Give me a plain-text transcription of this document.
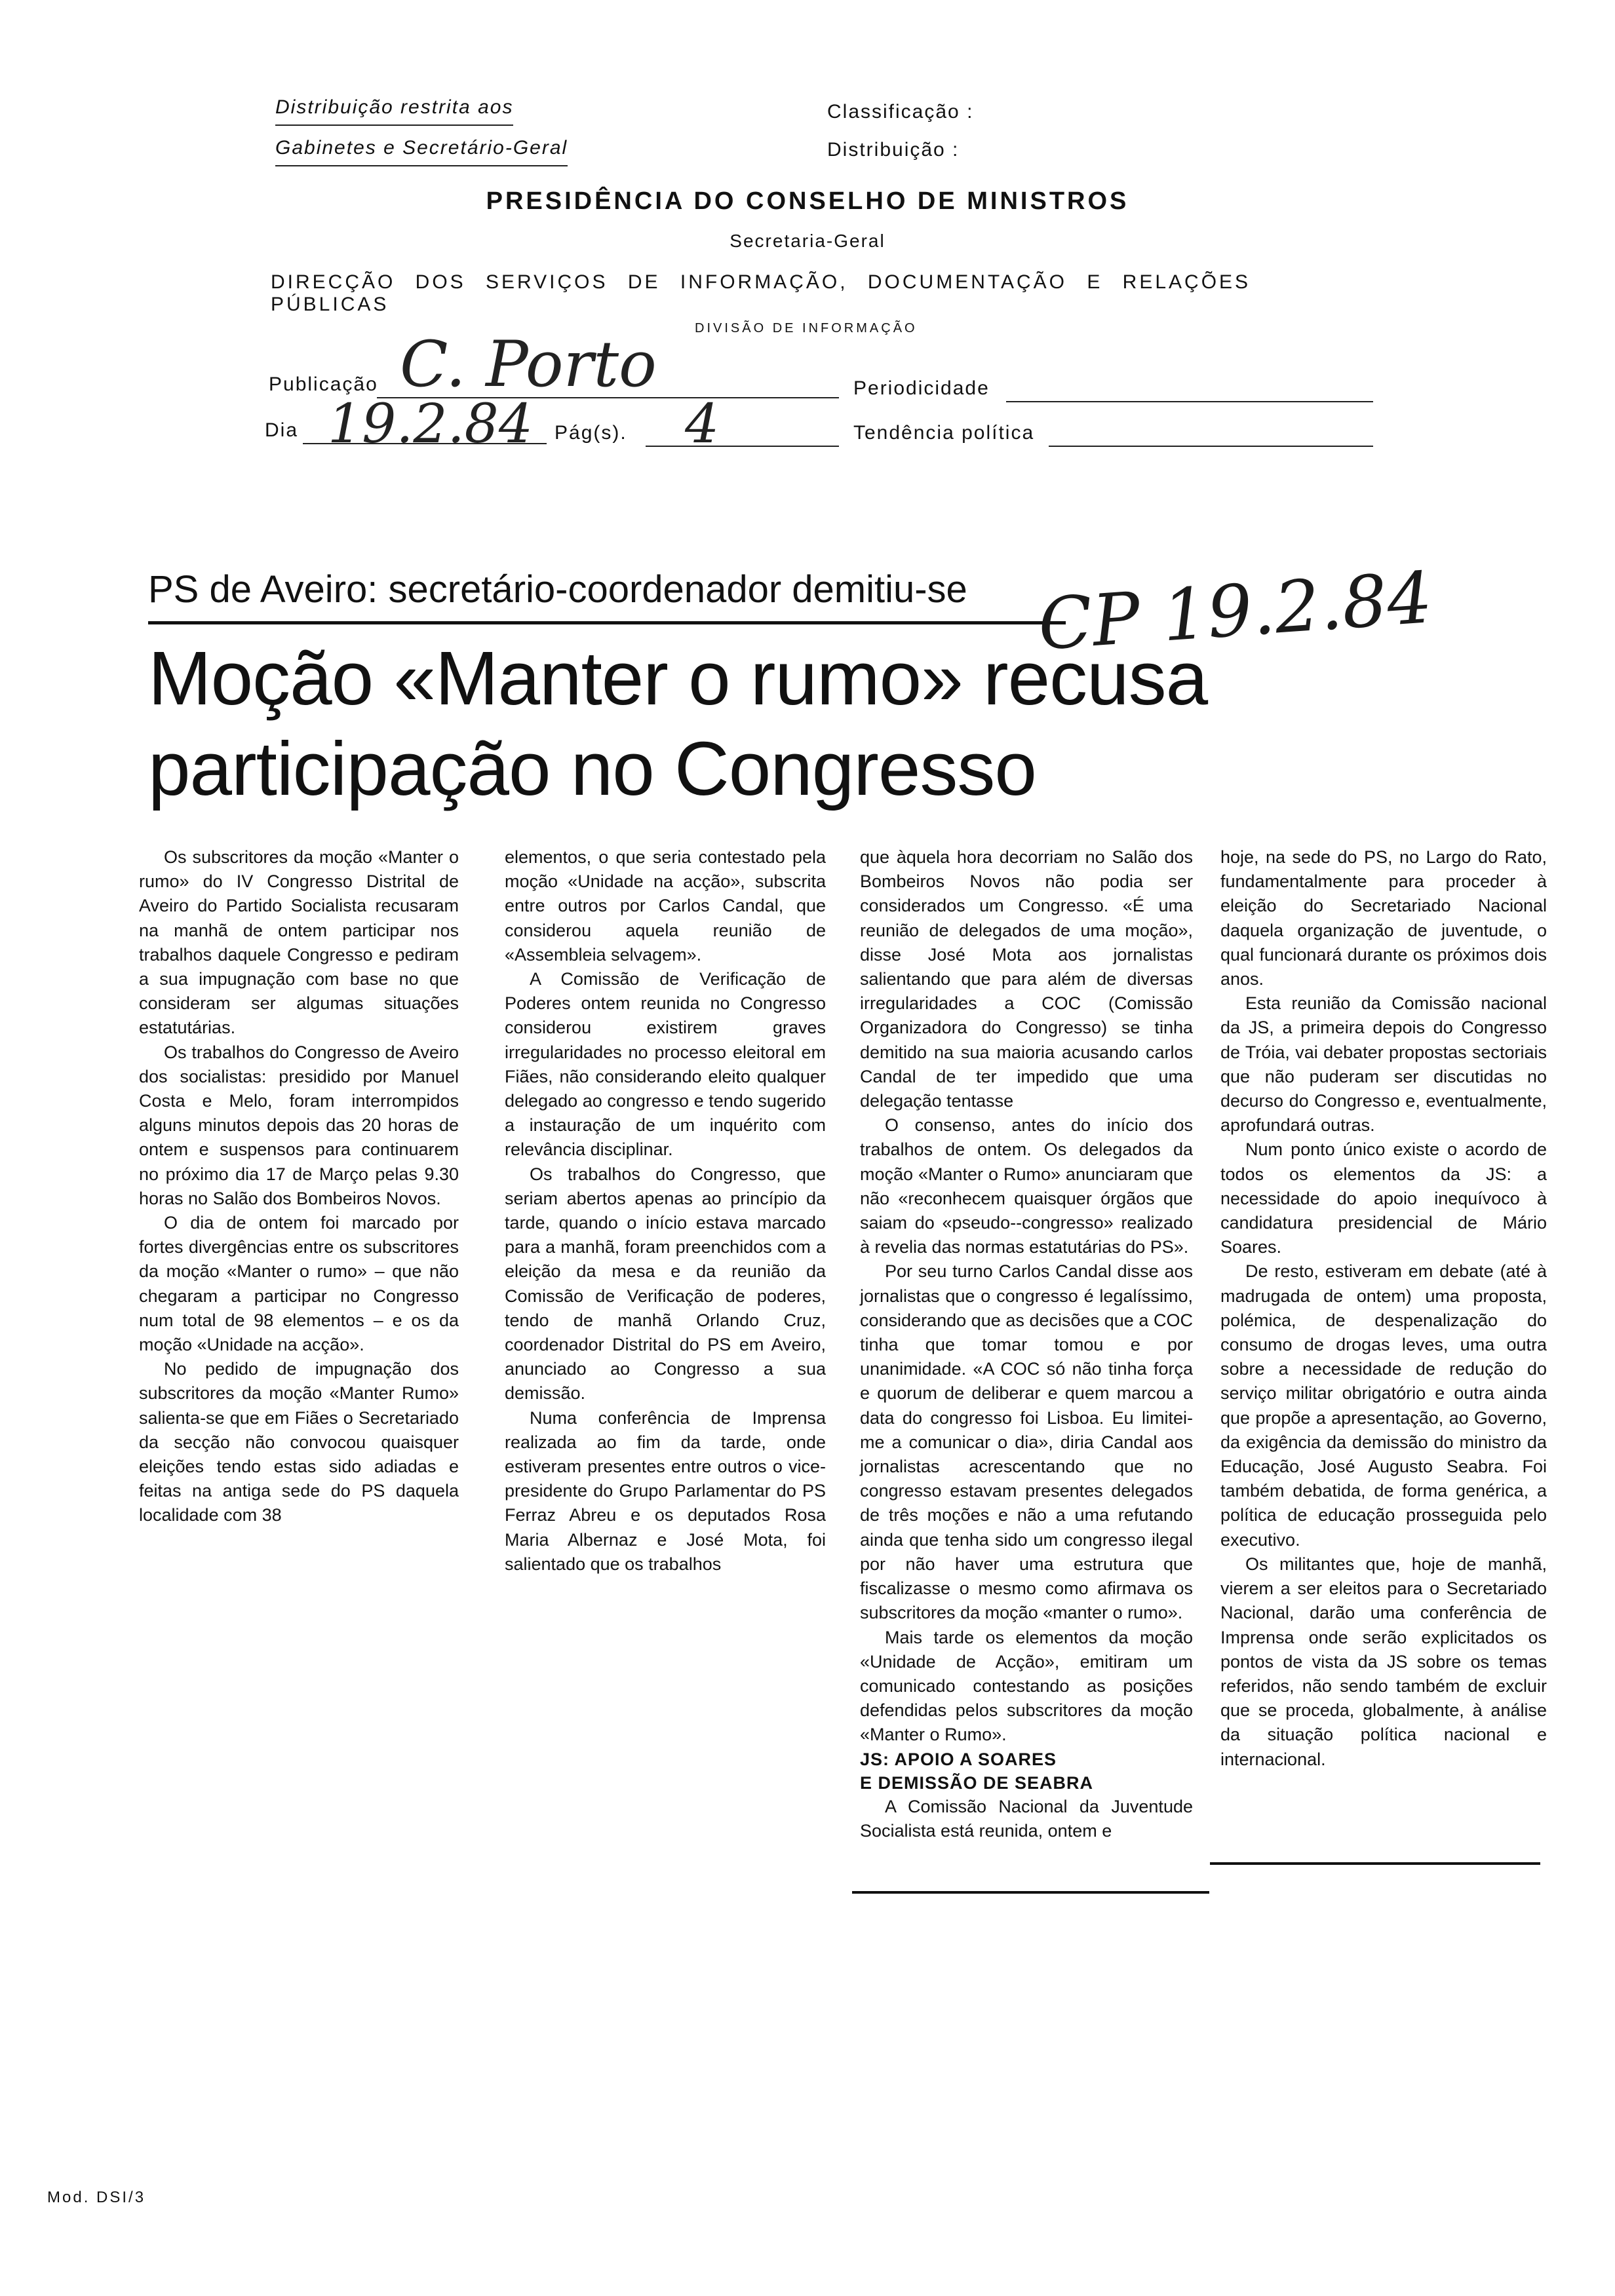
Distribuição restrita aos
Gabinetes e Secretário-Geral
Classificação :
Distribuição :
PRESIDÊNCIA DO CONSELHO DE MINISTROS
Secretaria-Geral
DIRECÇÃO DOS SERVIÇOS DE INFORMAÇÃO, DOCUMENTAÇÃO E RELAÇÕES PÚBLICAS
DIVISÃO DE INFORMAÇÃO
Publicação C. Porto	Periodicidade
Dia 19.2.84 Pág(s). 4	Tendência política
PS de Aveiro: secretário-coordenador demitiu-se CP 19.2.84
Moção «Manter o rumo» recusa
participação no Congresso

Os subscritores da moção «Manter o rumo» do IV Congresso Distrital de Aveiro do Partido Socialista recusaram na manhã de ontem participar nos trabalhos daquele Congresso e pediram a sua impugnação com base no que consideram ser algumas situações estatutárias.

Os trabalhos do Congresso de Aveiro dos socialistas: presidido por Manuel Costa e Melo, foram interrompidos alguns minutos depois das 20 horas de ontem e suspensos para continuarem no próximo dia 17 de Março pelas 9.30 horas no Salão dos Bombeiros Novos.

O dia de ontem foi marcado por fortes divergências entre os subscritores da moção «Manter o rumo» – que não chegaram a participar no Congresso num total de 98 elementos – e os da moção «Unidade na acção».

No pedido de impugnação dos subscritores da moção «Manter Rumo» salienta-se que em Fiães o Secretariado da secção não convocou quaisquer eleições tendo estas sido adiadas e feitas na antiga sede do PS daquela localidade com 38

elementos, o que seria contestado pela moção «Unidade na acção», subscrita entre outros por Carlos Candal, que considerou aquela reunião de «Assembleia selvagem».

A Comissão de Verificação de Poderes ontem reunida no Congresso considerou existirem graves irregularidades no processo eleitoral em Fiães, não considerando eleito qualquer delegado ao congresso e tendo sugerido a instauração de um inquérito com relevância disciplinar.

Os trabalhos do Congresso, que seriam abertos apenas ao princípio da tarde, quando o início estava marcado para a manhã, foram preenchidos com a eleição da mesa e da reunião da Comissão de Verificação de poderes, tendo de manhã Orlando Cruz, coordenador Distrital do PS em Aveiro, anunciado ao Congresso a sua demissão.

Numa conferência de Imprensa realizada ao fim da tarde, onde estiveram presentes entre outros o vice-presidente do Grupo Parlamentar do PS Ferraz Abreu e os deputados Rosa Maria Albernaz e José Mota, foi salientado que os trabalhos

que àquela hora decorriam no Salão dos Bombeiros Novos não podia ser considerados um Congresso. «É uma reunião de delegados de uma moção», disse José Mota aos jornalistas salientando que para além de diversas irregularidades a COC (Comissão Organizadora do Congresso) se tinha demitido na sua maioria acusando carlos Candal de ter impedido que uma delegação tentasse

O consenso, antes do início dos trabalhos de ontem. Os delegados da moção «Manter o Rumo» anunciaram que não «reconhecem quaisquer órgãos que saiam do «pseudo--congresso» realizado à revelia das normas estatutárias do PS».

Por seu turno Carlos Candal disse aos jornalistas que o congresso é legalíssimo, considerando que as decisões que a COC tinha que tomar tomou e por unanimidade. «A COC só não tinha força e quorum de deliberar e quem marcou a data do congresso foi Lisboa. Eu limitei-me a comunicar o dia», diria Candal aos jornalistas acrescentando que no congresso estavam presentes delegados de três moções e não a uma refutando ainda que tenha sido um congresso ilegal por não haver uma estrutura que fiscalizasse o mesmo como afirmava os subscritores da moção «manter o rumo».

Mais tarde os elementos da moção «Unidade de Acção», emitiram um comunicado contestando as posições defendidas pelos subscritores da moção «Manter o Rumo».

JS: APOIO A SOARES

E DEMISSÃO DE SEABRA

A Comissão Nacional da Juventude Socialista está reunida, ontem e

hoje, na sede do PS, no Largo do Rato, fundamentalmente para proceder à eleição do Secretariado Nacional daquela organização de juventude, o qual funcionará durante os próximos dois anos.

Esta reunião da Comissão nacional da JS, a primeira depois do Congresso de Tróia, vai debater propostas sectoriais que não puderam ser discutidas no decurso do Congresso e, eventualmente, aprofundará outras.

Num ponto único existe o acordo de todos os elementos da JS: a necessidade do apoio inequívoco à candidatura presidencial de Mário Soares.

De resto, estiveram em debate (até à madrugada de ontem) uma proposta, polémica, de despenalização do consumo de drogas leves, uma outra sobre a necessidade de redução do serviço militar obrigatório e outra ainda que propõe a apresentação, ao Governo, da exigência da demissão do ministro da Educação, José Augusto Seabra. Foi também debatida, de forma genérica, a política de educação prosseguida pelo executivo.

Os militantes que, hoje de manhã, vierem a ser eleitos para o Secretariado Nacional, darão uma conferência de Imprensa onde serão explicitados os pontos de vista da JS sobre os temas referidos, não sendo também de excluir que se proceda, globalmente, à análise da situação política nacional e internacional.

Mod. DSI/3
